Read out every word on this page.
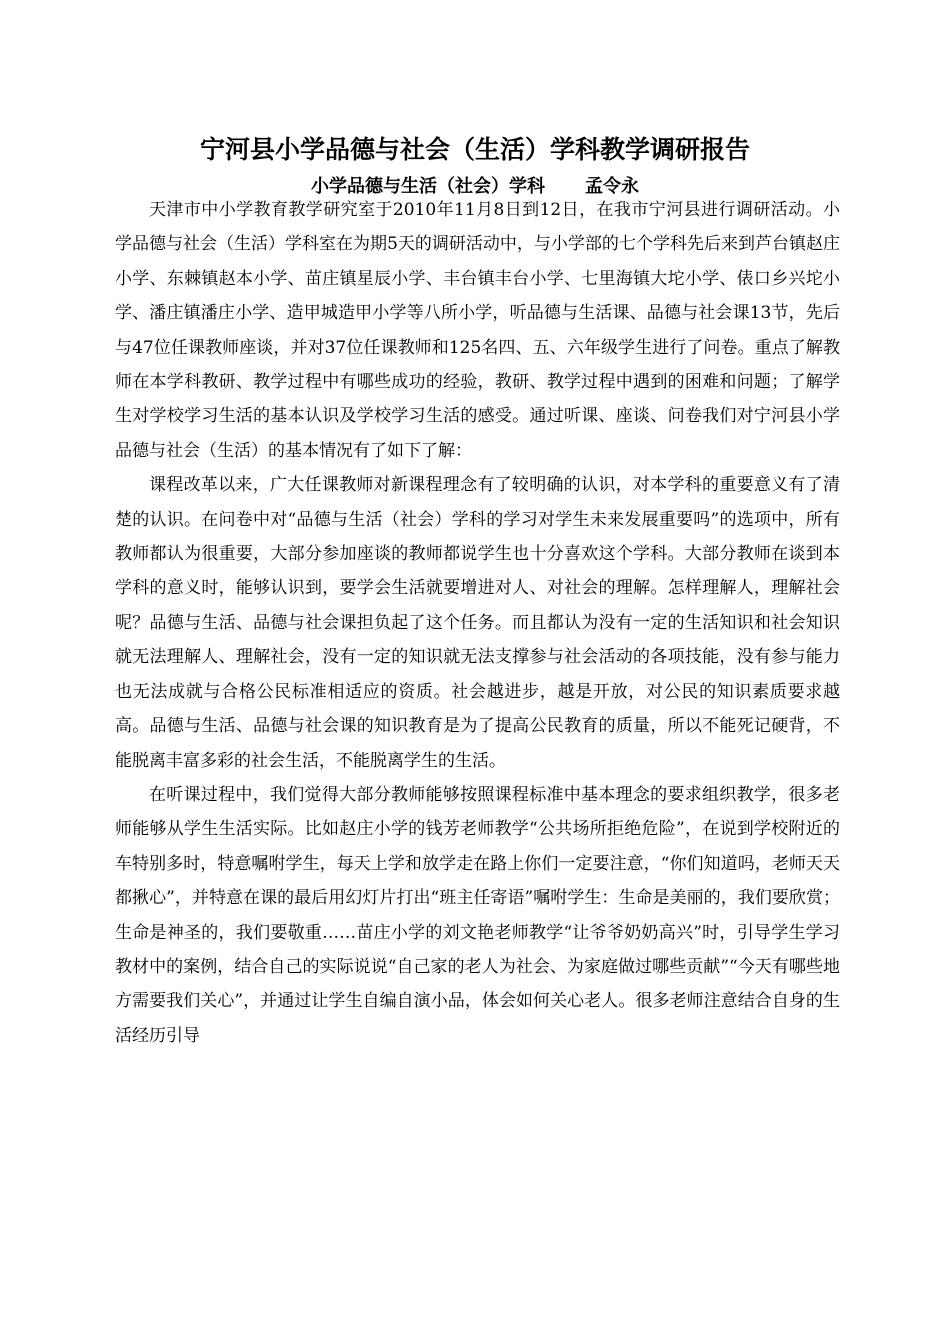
宁河县小学品德与社会（生活）学科教学调研报告
小学品德与生活（社会）学科 孟令永

天津市中小学教育教学研究室于2010年11月8日到12日，在我市宁河县进行调研活动。小学品德与社会（生活）学科室在为期5天的调研活动中，与小学部的七个学科先后来到芦台镇赵庄小学、东棘镇赵本小学、苗庄镇星辰小学、丰台镇丰台小学、七里海镇大坨小学、俵口乡兴坨小学、潘庄镇潘庄小学、造甲城造甲小学等八所小学，听品德与生活课、品德与社会课13节，先后与47位任课教师座谈，并对37位任课教师和125名四、五、六年级学生进行了问卷。重点了解教师在本学科教研、教学过程中有哪些成功的经验，教研、教学过程中遇到的困难和问题；了解学生对学校学习生活的基本认识及学校学习生活的感受。通过听课、座谈、问卷我们对宁河县小学品德与社会（生活）的基本情况有了如下了解：

课程改革以来，广大任课教师对新课程理念有了较明确的认识，对本学科的重要意义有了清楚的认识。在问卷中对“品德与生活（社会）学科的学习对学生未来发展重要吗”的选项中，所有教师都认为很重要，大部分参加座谈的教师都说学生也十分喜欢这个学科。大部分教师在谈到本学科的意义时，能够认识到，要学会生活就要增进对人、对社会的理解。怎样理解人，理解社会呢？品德与生活、品德与社会课担负起了这个任务。而且都认为没有一定的生活知识和社会知识就无法理解人、理解社会，没有一定的知识就无法支撑参与社会活动的各项技能，没有参与能力也无法成就与合格公民标准相适应的资质。社会越进步，越是开放，对公民的知识素质要求越高。品德与生活、品德与社会课的知识教育是为了提高公民教育的质量，所以不能死记硬背，不能脱离丰富多彩的社会生活，不能脱离学生的生活。

在听课过程中，我们觉得大部分教师能够按照课程标准中基本理念的要求组织教学，很多老师能够从学生生活实际。比如赵庄小学的钱芳老师教学“公共场所拒绝危险”，在说到学校附近的车特别多时，特意嘱咐学生，每天上学和放学走在路上你们一定要注意，“你们知道吗，老师天天都揪心”，并特意在课的最后用幻灯片打出“班主任寄语”嘱咐学生：生命是美丽的，我们要欣赏；生命是神圣的，我们要敬重……苗庄小学的刘文艳老师教学“让爷爷奶奶高兴”时，引导学生学习教材中的案例，结合自己的实际说说“自己家的老人为社会、为家庭做过哪些贡献”“今天有哪些地方需要我们关心”，并通过让学生自编自演小品，体会如何关心老人。很多老师注意结合自身的生活经历引导
